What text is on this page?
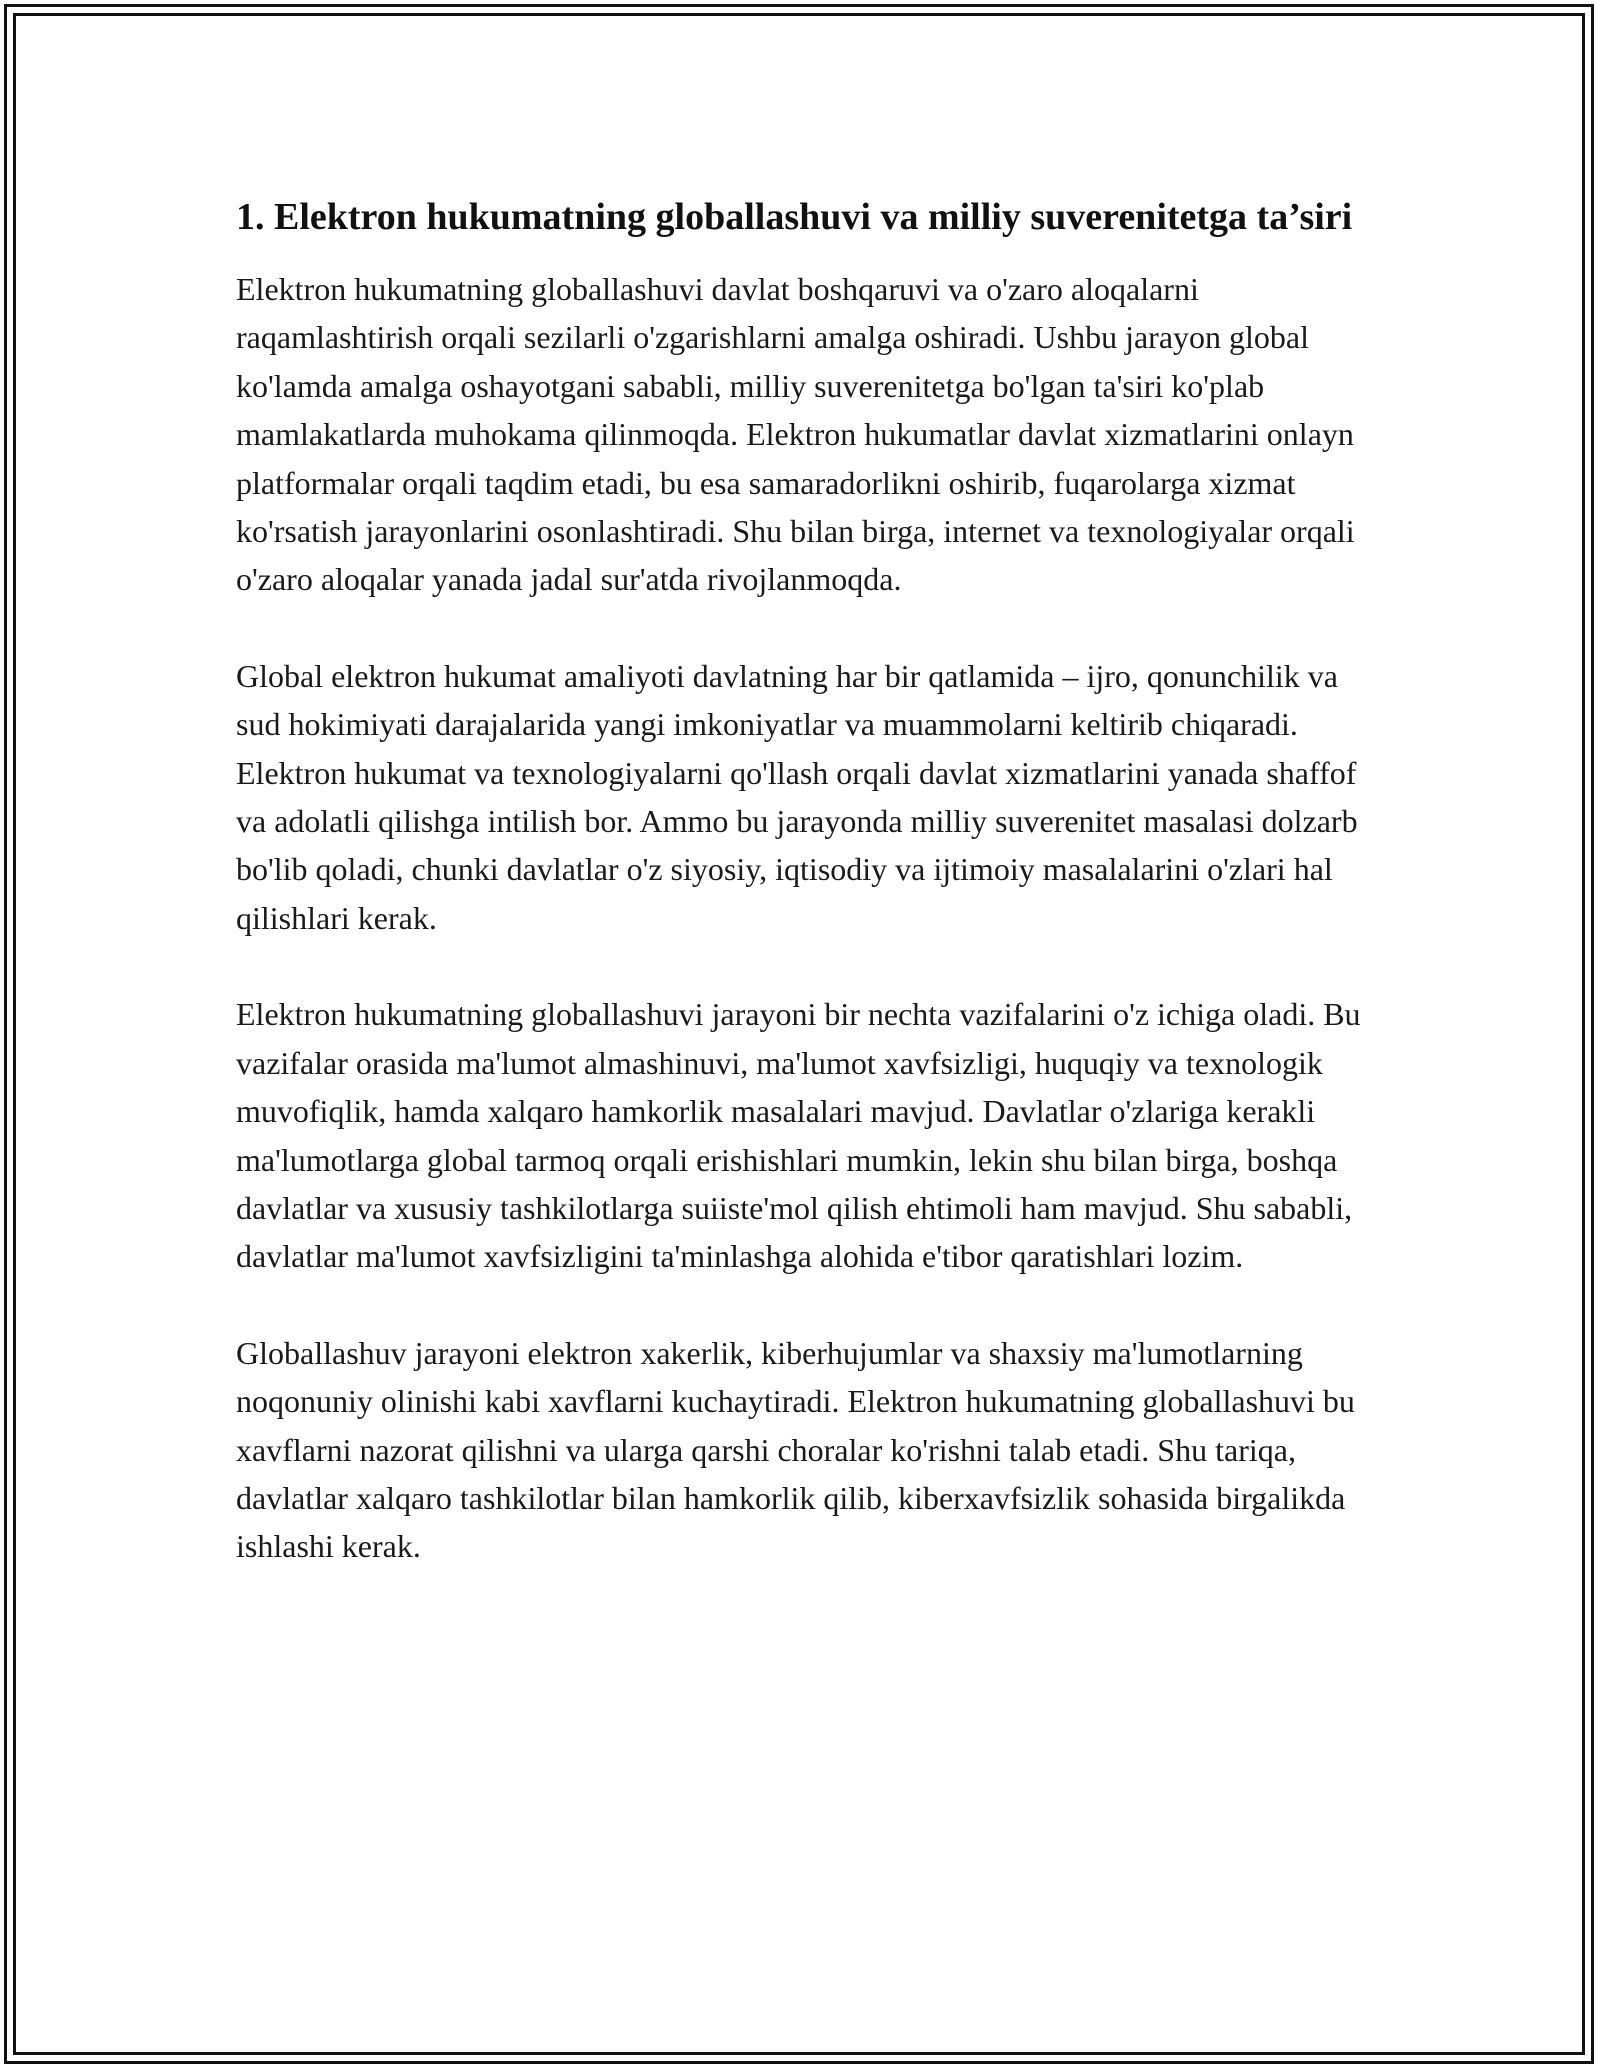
1. Elektron hukumatning globallashuvi va milliy suverenitetga ta’siri

Elektron hukumatning globallashuvi davlat boshqaruvi va o'zaro aloqalarni raqamlashtirish orqali sezilarli o'zgarishlarni amalga oshiradi. Ushbu jarayon global ko'lamda amalga oshayotgani sababli, milliy suverenitetga bo'lgan ta'siri ko'plab mamlakatlarda muhokama qilinmoqda. Elektron hukumatlar davlat xizmatlarini onlayn platformalar orqali taqdim etadi, bu esa samaradorlikni oshirib, fuqarolarga xizmat ko'rsatish jarayonlarini osonlashtiradi. Shu bilan birga, internet va texnologiyalar orqali o'zaro aloqalar yanada jadal sur'atda rivojlanmoqda.

Global elektron hukumat amaliyoti davlatning har bir qatlamida – ijro, qonunchilik va sud hokimiyati darajalarida yangi imkoniyatlar va muammolarni keltirib chiqaradi. Elektron hukumat va texnologiyalarni qo'llash orqali davlat xizmatlarini yanada shaffof va adolatli qilishga intilish bor. Ammo bu jarayonda milliy suverenitet masalasi dolzarb bo'lib qoladi, chunki davlatlar o'z siyosiy, iqtisodiy va ijtimoiy masalalarini o'zlari hal qilishlari kerak.

Elektron hukumatning globallashuvi jarayoni bir nechta vazifalarini o'z ichiga oladi. Bu vazifalar orasida ma'lumot almashinuvi, ma'lumot xavfsizligi, huquqiy va texnologik muvofiqlik, hamda xalqaro hamkorlik masalalari mavjud. Davlatlar o'zlariga kerakli ma'lumotlarga global tarmoq orqali erishishlari mumkin, lekin shu bilan birga, boshqa davlatlar va xususiy tashkilotlarga suiiste'mol qilish ehtimoli ham mavjud. Shu sababli, davlatlar ma'lumot xavfsizligini ta'minlashga alohida e'tibor qaratishlari lozim.

Globallashuv jarayoni elektron xakerlik, kiberhujumlar va shaxsiy ma'lumotlarning noqonuniy olinishi kabi xavflarni kuchaytiradi. Elektron hukumatning globallashuvi bu xavflarni nazorat qilishni va ularga qarshi choralar ko'rishni talab etadi. Shu tariqa, davlatlar xalqaro tashkilotlar bilan hamkorlik qilib, kiberxavfsizlik sohasida birgalikda ishlashi kerak.
